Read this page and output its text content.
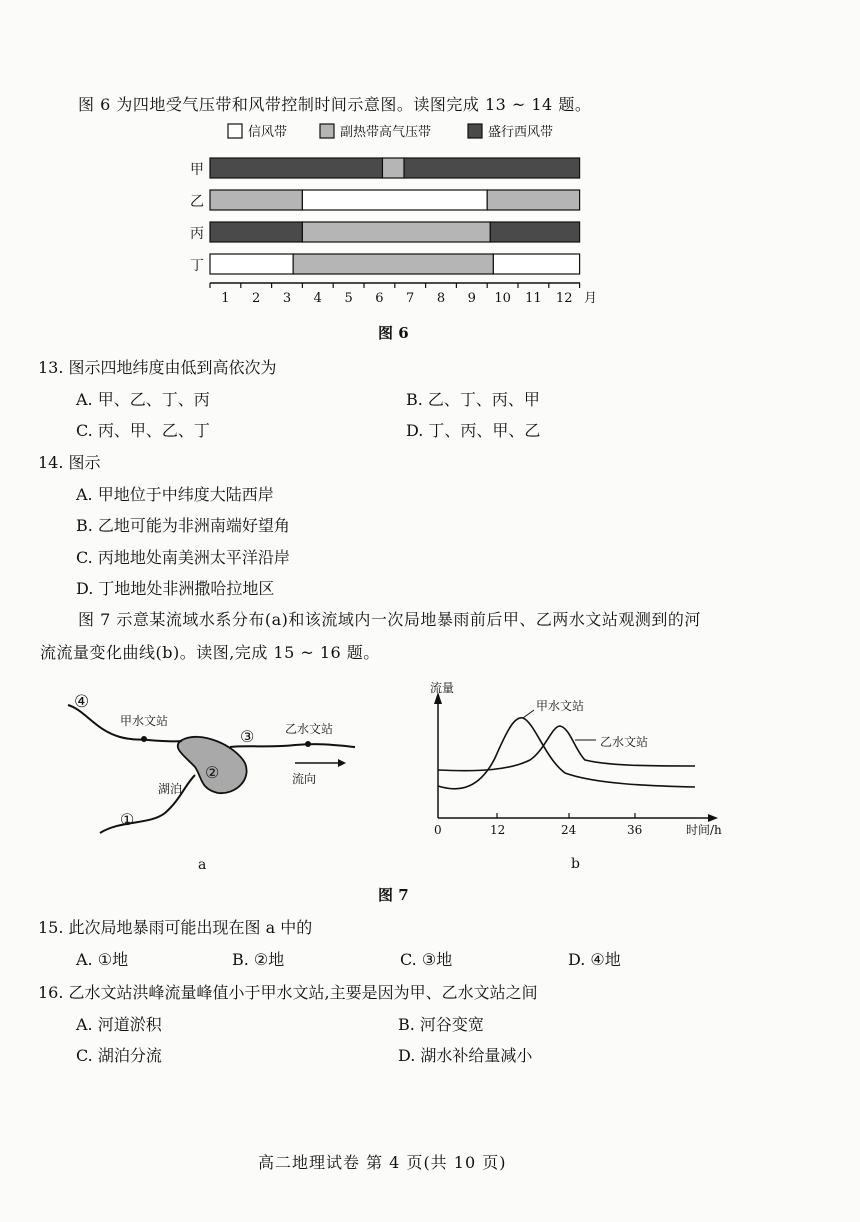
图 6 为四地受气压带和风带控制时间示意图。读图完成 13 ~ 14 题。
信风带	副热带高气压带	盛行西风带
甲
乙
丙
丁
1 2 3 4 5 6 7 8 9 10 11 12 月
图 6
13. 图示四地纬度由低到高依次为
A. 甲、乙、丁、丙	B. 乙、丁、丙、甲
C. 丙、甲、乙、丁	D. 丁、丙、甲、乙
14. 图示
A. 甲地位于中纬度大陆西岸
B. 乙地可能为非洲南端好望角
C. 丙地地处南美洲太平洋沿岸
D. 丁地地处非洲撒哈拉地区
图 7 示意某流域水系分布(a)和该流域内一次局地暴雨前后甲、乙两水文站观测到的河
流流量变化曲线(b)。读图,完成 15 ~ 16 题。
④
甲水文站
③	乙水文站
②	流向
湖泊
①
a
流量
甲水文站
乙水文站
0	12	24	36	时间/h
b
图 7
15. 此次局地暴雨可能出现在图 a 中的
A. ①地	B. ②地	C. ③地	D. ④地
16. 乙水文站洪峰流量峰值小于甲水文站,主要是因为甲、乙水文站之间
A. 河道淤积	B. 河谷变宽
C. 湖泊分流	D. 湖水补给量减小
高二地理试卷 第 4 页(共 10 页)
